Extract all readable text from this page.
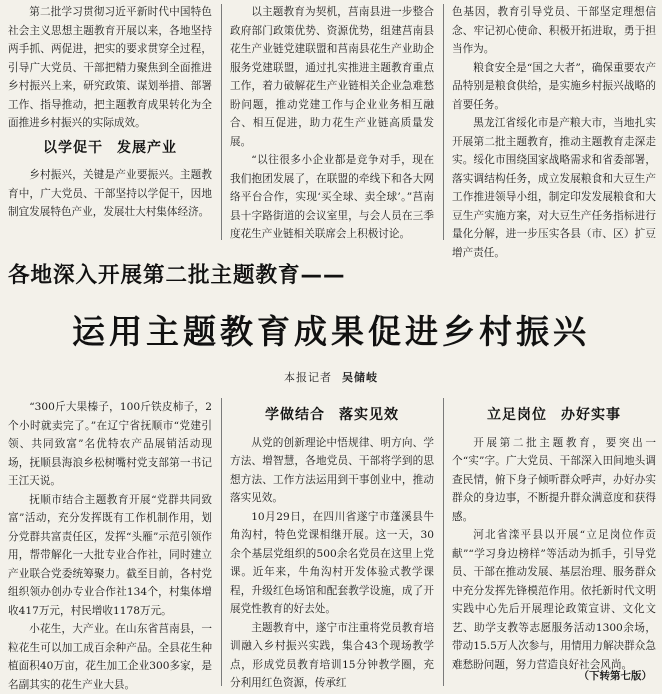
第二批学习贯彻习近平新时代中国特色社会主义思想主题教育开展以来，各地坚持两手抓、两促进，把实的要求贯穿全过程，引导广大党员、干部把精力聚焦到全面推进乡村振兴上来，研究政策、谋划举措、部署工作、指导推动，把主题教育成果转化为全面推进乡村振兴的实际成效。

以学促干 发展产业

乡村振兴，关键是产业要振兴。主题教育中，广大党员、干部坚持以学促干，因地制宜发展特色产业，发展壮大村集体经济。

以主题教育为契机，莒南县进一步整合政府部门政策优势、资源优势，组建莒南县花生产业链党建联盟和莒南县花生产业助企服务党建联盟，通过扎实推进主题教育重点工作，着力破解花生产业链相关企业急难愁盼问题，推动党建工作与企业业务相互融合、相互促进，助力花生产业链高质量发展。

“以往很多小企业都是竞争对手，现在我们抱团发展了，在联盟的牵线下和各大网络平台合作，实现‘买全球、卖全球’。”莒南县十字路街道的会议室里，与会人员在三季度花生产业链相关联席会上积极讨论。

色基因，教育引导党员、干部坚定理想信念、牢记初心使命、积极开拓进取，勇于担当作为。

粮食安全是“国之大者”，确保重要农产品特别是粮食供给，是实施乡村振兴战略的首要任务。

黑龙江省绥化市是产粮大市，当地扎实开展第二批主题教育，推动主题教育走深走实。绥化市围绕国家战略需求和省委部署，落实调结构任务，成立发展粮食和大豆生产工作推进领导小组，制定印发发展粮食和大豆生产实施方案，对大豆生产任务指标进行量化分解，进一步压实各县（市、区）扩豆增产责任。

各地深入开展第二批主题教育——
运用主题教育成果促进乡村振兴
本报记者 吴储岐

“300斤大果榛子，100斤铁皮柿子，2个小时就卖完了。”在辽宁省抚顺市“党建引领、共同致富”名优特农产品展销活动现场，抚顺县海浪乡松树嘴村党支部第一书记王江天说。

抚顺市结合主题教育开展“党群共同致富”活动，充分发挥既有工作机制作用，划分党群共富责任区，发挥“头雁”示范引领作用，帮带解化一大批专业合作社，同时建立产业联合党委统筹聚力。截至目前，各村党组织领办创办专业合作社134个，村集体增收417万元，村民增收1178万元。

小花生，大产业。在山东省莒南县，一粒花生可以加工成百余种产品。全县花生种植面积40万亩，花生加工企业300多家，是名副其实的花生产业大县。

学做结合 落实见效

从党的创新理论中悟规律、明方向、学方法、增智慧，各地党员、干部将学到的思想方法、工作方法运用到干事创业中，推动落实见效。

10月29日，在四川省遂宁市蓬溪县牛角沟村，特色党课相继开展。这一天，30余个基层党组织的500余名党员在这里上党课。近年来，牛角沟村开发体验式教学课程，升级红色场馆和配套教学设施，成了开展党性教育的好去处。

主题教育中，遂宁市注重将党员教育培训融入乡村振兴实践，集合43个现场教学点，形成党员教育培训15分钟教学圈，充分利用红色资源，传承红

立足岗位 办好实事

开展第二批主题教育，要突出一个“实”字。广大党员、干部深入田间地头调查民情，俯下身子倾听群众呼声，办好办实群众的身边事，不断提升群众满意度和获得感。

河北省滦平县以开展“立足岗位作贡献”“学习身边榜样”等活动为抓手，引导党员、干部在推动发展、基层治理、服务群众中充分发挥先锋模范作用。依托新时代文明实践中心先后开展理论政策宣讲、文化文艺、助学支教等志愿服务活动1300余场，带动15.5万人次参与，用情用力解决群众急难愁盼问题，努力营造良好社会风尚。

（下转第七版）
